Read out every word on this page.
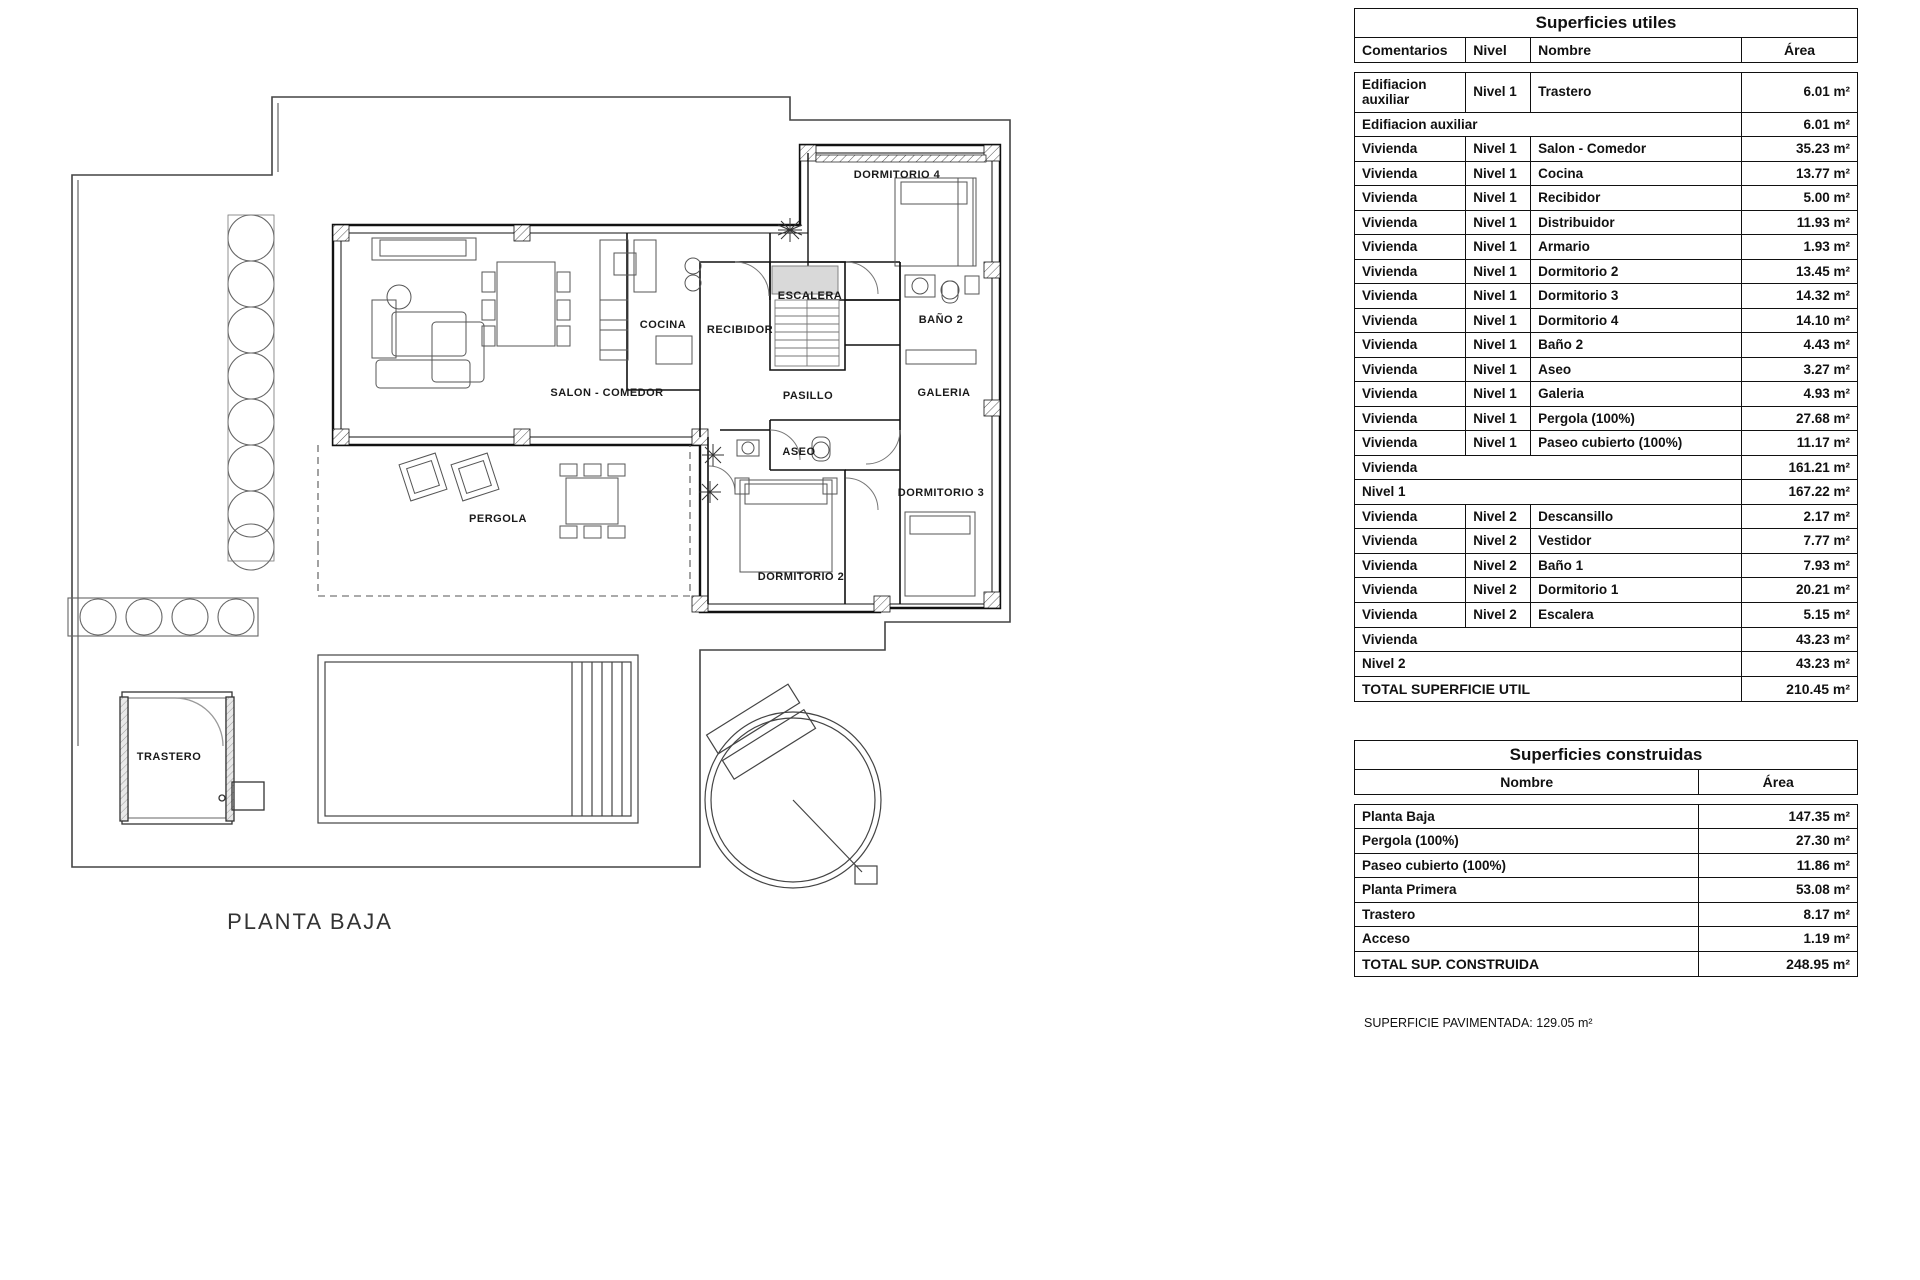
DORMITORIO 4
COCINA RECIBIDOR
ESCALERA
BAÑO 2
GALERIA
SALON - COMEDOR	PASILLO
ASEO
DORMITORIO 3
DORMITORIO 2
PERGOLA
TRASTERO
PLANTA BAJA
Superficies utiles			
Comentarios	Nivel	Nombre	Área

Edifiacion auxiliar	Nivel 1	Trastero	6.01 m²
Edifiacion auxiliar			6.01 m²
Vivienda	Nivel 1	Salon - Comedor	35.23 m²
Vivienda	Nivel 1	Cocina	13.77 m²
Vivienda	Nivel 1	Recibidor	5.00 m²
Vivienda	Nivel 1	Distribuidor	11.93 m²
Vivienda	Nivel 1	Armario	1.93 m²
Vivienda	Nivel 1	Dormitorio 2	13.45 m²
Vivienda	Nivel 1	Dormitorio 3	14.32 m²
Vivienda	Nivel 1	Dormitorio 4	14.10 m²
Vivienda	Nivel 1	Baño 2	4.43 m²
Vivienda	Nivel 1	Aseo	3.27 m²
Vivienda	Nivel 1	Galeria	4.93 m²
Vivienda	Nivel 1	Pergola (100%)	27.68 m²
Vivienda	Nivel 1	Paseo cubierto (100%)	11.17 m²
Vivienda			161.21 m²
Nivel 1			167.22 m²
Vivienda	Nivel 2	Descansillo	2.17 m²
Vivienda	Nivel 2	Vestidor	7.77 m²
Vivienda	Nivel 2	Baño 1	7.93 m²
Vivienda	Nivel 2	Dormitorio 1	20.21 m²
Vivienda	Nivel 2	Escalera	5.15 m²
Vivienda			43.23 m²
Nivel 2			43.23 m²
TOTAL SUPERFICIE UTIL			210.45 m²
Superficies construidas	
Nombre	Área

Planta Baja	147.35 m²
Pergola (100%)	27.30 m²
Paseo cubierto (100%)	11.86 m²
Planta Primera	53.08 m²
Trastero	8.17 m²
Acceso	1.19 m²
TOTAL SUP. CONSTRUIDA	248.95 m²
SUPERFICIE PAVIMENTADA: 129.05 m²
